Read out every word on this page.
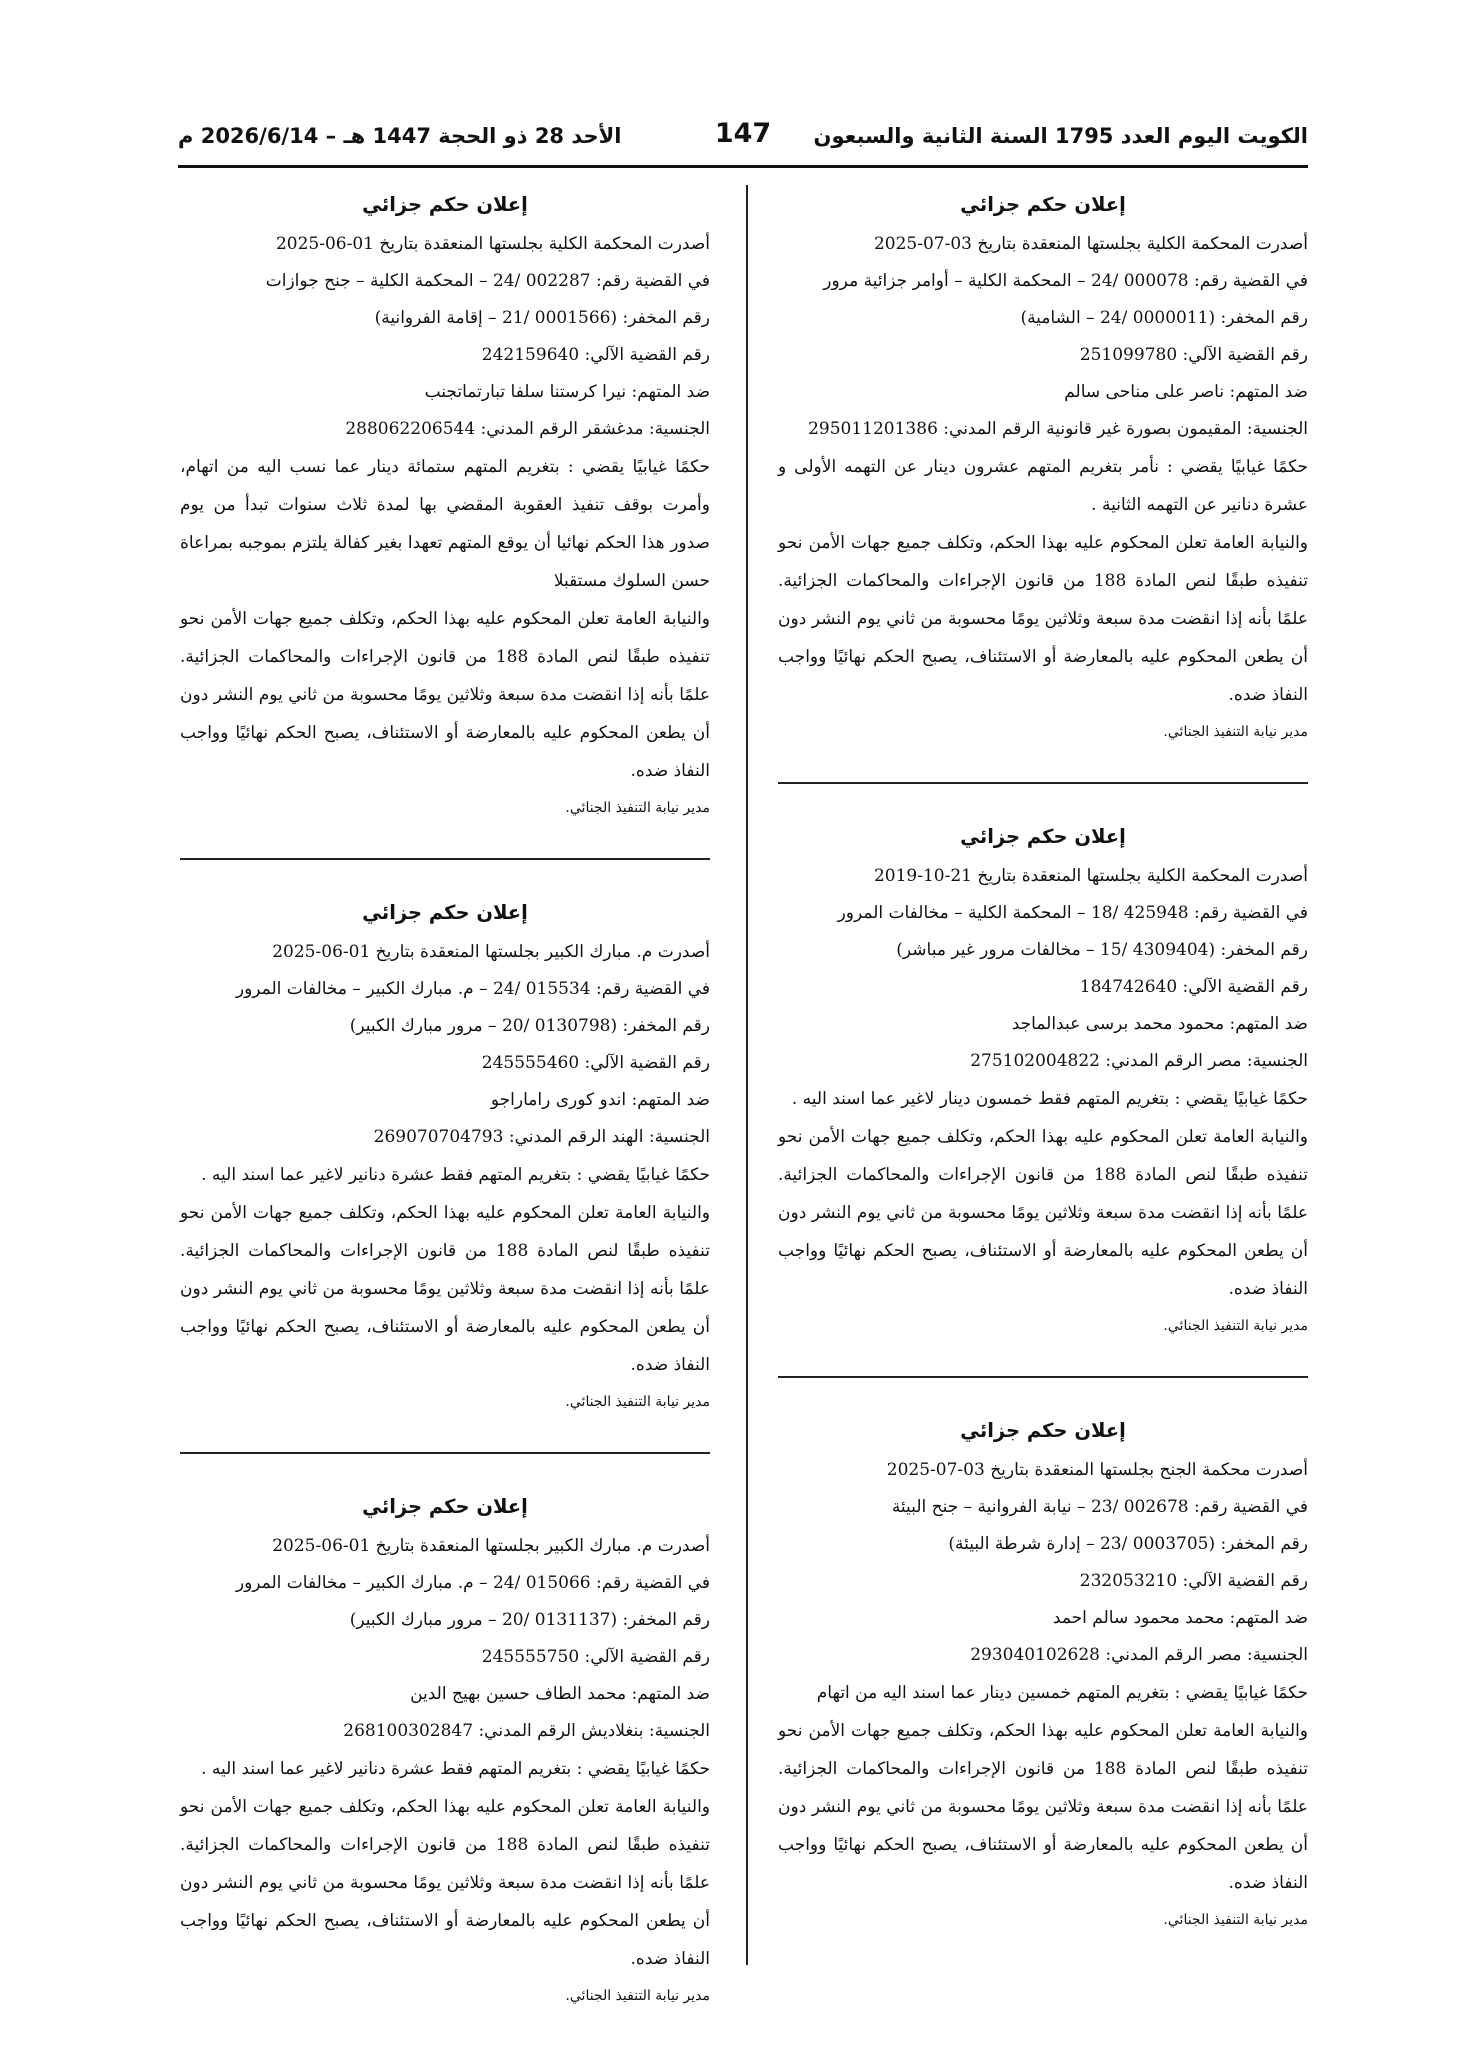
الكويت اليوم العدد 1795 السنة الثانية والسبعون
147
الأحد 28 ذو الحجة 1447 هـ – 2026/6/14 م
إعلان حكم جزائي
أصدرت المحكمة الكلية بجلستها المنعقدة بتاريخ 03-07-2025
في القضية رقم: 000078 /24 – المحكمة الكلية – أوامر جزائية مرور
رقم المخفر: (0000011 /24 – الشامية)
رقم القضية الآلي: 251099780
ضد المتهم: ناصر على مناحى سالم
الجنسية: المقيمون بصورة غير قانونية الرقم المدني: 295011201386

حكمًا غيابيًا يقضي : نأمر بتغريم المتهم عشرون دينار عن التهمه الأولى و عشرة دنانير عن التهمه الثانية .

والنيابة العامة تعلن المحكوم عليه بهذا الحكم، وتكلف جميع جهات الأمن نحو تنفيذه طبقًا لنص المادة 188 من قانون الإجراءات والمحاكمات الجزائية. علمًا بأنه إذا انقضت مدة سبعة وثلاثين يومًا محسوبة من ثاني يوم النشر دون أن يطعن المحكوم عليه بالمعارضة أو الاستئناف، يصبح الحكم نهائيًا وواجب النفاذ ضده.

مدير نيابة التنفيذ الجنائي.
إعلان حكم جزائي
أصدرت المحكمة الكلية بجلستها المنعقدة بتاريخ 21-10-2019
في القضية رقم: 425948 /18 – المحكمة الكلية – مخالفات المرور
رقم المخفر: (4309404 /15 – مخالفات مرور غير مباشر)
رقم القضية الآلي: 184742640
ضد المتهم: محمود محمد برسى عبدالماجد
الجنسية: مصر الرقم المدني: 275102004822

حكمًا غيابيًا يقضي : بتغريم المتهم فقط خمسون دينار لاغير عما اسند اليه .

والنيابة العامة تعلن المحكوم عليه بهذا الحكم، وتكلف جميع جهات الأمن نحو تنفيذه طبقًا لنص المادة 188 من قانون الإجراءات والمحاكمات الجزائية. علمًا بأنه إذا انقضت مدة سبعة وثلاثين يومًا محسوبة من ثاني يوم النشر دون أن يطعن المحكوم عليه بالمعارضة أو الاستئناف، يصبح الحكم نهائيًا وواجب النفاذ ضده.

مدير نيابة التنفيذ الجنائي.
إعلان حكم جزائي
أصدرت محكمة الجنح بجلستها المنعقدة بتاريخ 03-07-2025
في القضية رقم: 002678 /23 – نيابة الفروانية – جنح البيئة
رقم المخفر: (0003705 /23 – إدارة شرطة البيئة)
رقم القضية الآلي: 232053210
ضد المتهم: محمد محمود سالم احمد
الجنسية: مصر الرقم المدني: 293040102628

حكمًا غيابيًا يقضي : بتغريم المتهم خمسين دينار عما اسند اليه من اتهام

والنيابة العامة تعلن المحكوم عليه بهذا الحكم، وتكلف جميع جهات الأمن نحو تنفيذه طبقًا لنص المادة 188 من قانون الإجراءات والمحاكمات الجزائية. علمًا بأنه إذا انقضت مدة سبعة وثلاثين يومًا محسوبة من ثاني يوم النشر دون أن يطعن المحكوم عليه بالمعارضة أو الاستئناف، يصبح الحكم نهائيًا وواجب النفاذ ضده.

مدير نيابة التنفيذ الجنائي.
إعلان حكم جزائي
أصدرت المحكمة الكلية بجلستها المنعقدة بتاريخ 01-06-2025
في القضية رقم: 002287 /24 – المحكمة الكلية – جنح جوازات
رقم المخفر: (0001566 /21 – إقامة الفروانية)
رقم القضية الآلي: 242159640
ضد المتهم: نيرا كرستنا سلفا تبارتماتجنب
الجنسية: مدغشقر الرقم المدني: 288062206544

حكمًا غيابيًا يقضي : بتغريم المتهم ستمائة دينار عما نسب اليه من اتهام، وأمرت بوقف تنفيذ العقوبة المقضي بها لمدة ثلاث سنوات تبدأ من يوم صدور هذا الحكم نهائيا أن يوقع المتهم تعهدا بغير كفالة يلتزم بموجبه بمراعاة حسن السلوك مستقبلا

والنيابة العامة تعلن المحكوم عليه بهذا الحكم، وتكلف جميع جهات الأمن نحو تنفيذه طبقًا لنص المادة 188 من قانون الإجراءات والمحاكمات الجزائية. علمًا بأنه إذا انقضت مدة سبعة وثلاثين يومًا محسوبة من ثاني يوم النشر دون أن يطعن المحكوم عليه بالمعارضة أو الاستئناف، يصبح الحكم نهائيًا وواجب النفاذ ضده.

مدير نيابة التنفيذ الجنائي.
إعلان حكم جزائي
أصدرت م. مبارك الكبير بجلستها المنعقدة بتاريخ 01-06-2025
في القضية رقم: 015534 /24 – م. مبارك الكبير – مخالفات المرور
رقم المخفر: (0130798 /20 – مرور مبارك الكبير)
رقم القضية الآلي: 245555460
ضد المتهم: اندو كورى راماراجو
الجنسية: الهند الرقم المدني: 269070704793

حكمًا غيابيًا يقضي : بتغريم المتهم فقط عشرة دنانير لاغير عما اسند اليه .

والنيابة العامة تعلن المحكوم عليه بهذا الحكم، وتكلف جميع جهات الأمن نحو تنفيذه طبقًا لنص المادة 188 من قانون الإجراءات والمحاكمات الجزائية. علمًا بأنه إذا انقضت مدة سبعة وثلاثين يومًا محسوبة من ثاني يوم النشر دون أن يطعن المحكوم عليه بالمعارضة أو الاستئناف، يصبح الحكم نهائيًا وواجب النفاذ ضده.

مدير نيابة التنفيذ الجنائي.
إعلان حكم جزائي
أصدرت م. مبارك الكبير بجلستها المنعقدة بتاريخ 01-06-2025
في القضية رقم: 015066 /24 – م. مبارك الكبير – مخالفات المرور
رقم المخفر: (0131137 /20 – مرور مبارك الكبير)
رقم القضية الآلي: 245555750
ضد المتهم: محمد الطاف حسين بهيج الدين
الجنسية: بنغلاديش الرقم المدني: 268100302847

حكمًا غيابيًا يقضي : بتغريم المتهم فقط عشرة دنانير لاغير عما اسند اليه .

والنيابة العامة تعلن المحكوم عليه بهذا الحكم، وتكلف جميع جهات الأمن نحو تنفيذه طبقًا لنص المادة 188 من قانون الإجراءات والمحاكمات الجزائية. علمًا بأنه إذا انقضت مدة سبعة وثلاثين يومًا محسوبة من ثاني يوم النشر دون أن يطعن المحكوم عليه بالمعارضة أو الاستئناف، يصبح الحكم نهائيًا وواجب النفاذ ضده.

مدير نيابة التنفيذ الجنائي.
